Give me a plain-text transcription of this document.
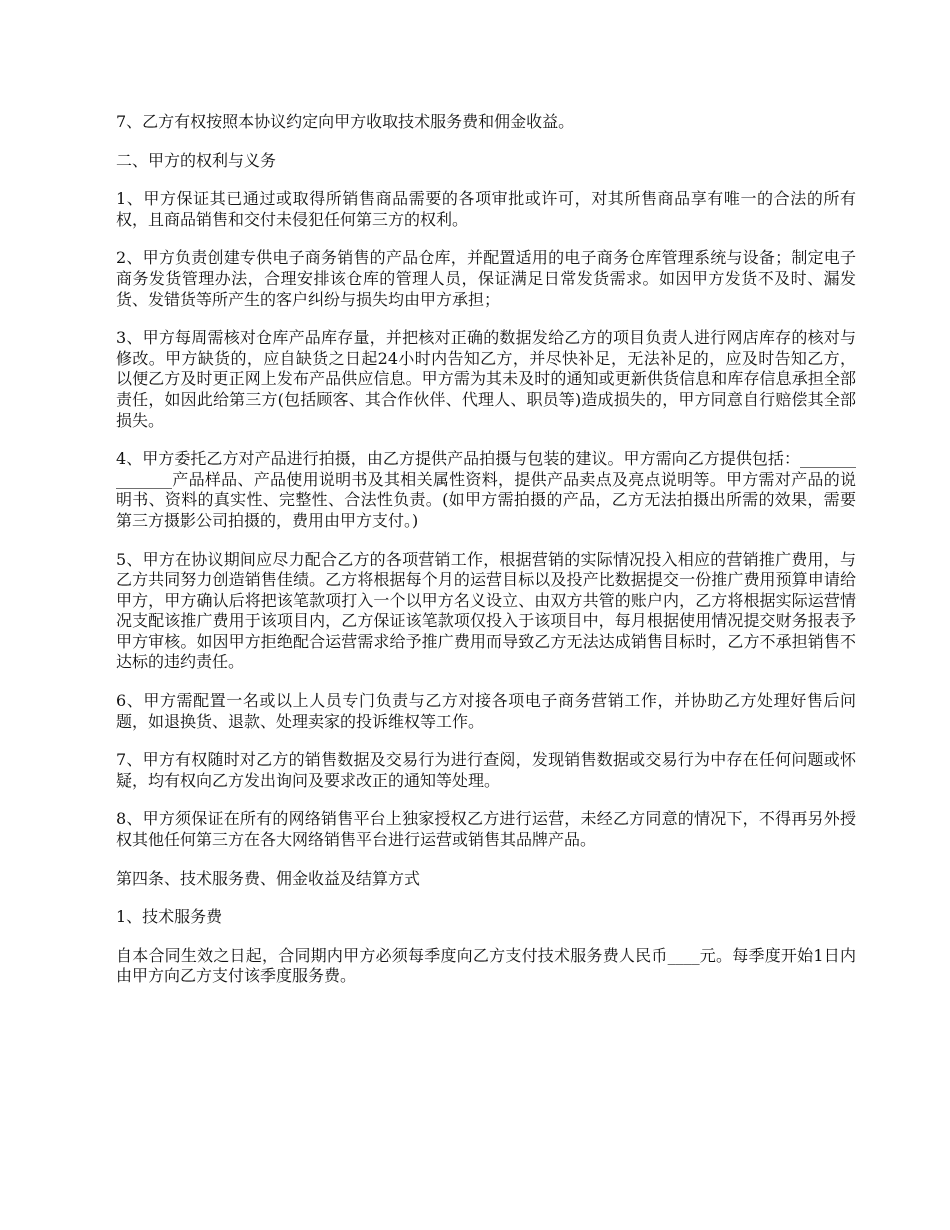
7、乙方有权按照本协议约定向甲方收取技术服务费和佣金收益。

二、甲方的权利与义务

1、甲方保证其已通过或取得所销售商品需要的各项审批或许可，对其所售商品享有唯一的合法的所有权，且商品销售和交付未侵犯任何第三方的权利。

2、甲方负责创建专供电子商务销售的产品仓库，并配置适用的电子商务仓库管理系统与设备；制定电子商务发货管理办法，合理安排该仓库的管理人员，保证满足日常发货需求。如因甲方发货不及时、漏发货、发错货等所产生的客户纠纷与损失均由甲方承担；

3、甲方每周需核对仓库产品库存量，并把核对正确的数据发给乙方的项目负责人进行网店库存的核对与修改。甲方缺货的，应自缺货之日起24小时内告知乙方，并尽快补足，无法补足的，应及时告知乙方，以便乙方及时更正网上发布产品供应信息。甲方需为其未及时的通知或更新供货信息和库存信息承担全部责任，如因此给第三方(包括顾客、其合作伙伴、代理人、职员等)造成损失的，甲方同意自行赔偿其全部损失。

4、甲方委托乙方对产品进行拍摄，由乙方提供产品拍摄与包装的建议。甲方需向乙方提供包括：______________产品样品、产品使用说明书及其相关属性资料，提供产品卖点及亮点说明等。甲方需对产品的说明书、资料的真实性、完整性、合法性负责。(如甲方需拍摄的产品，乙方无法拍摄出所需的效果，需要第三方摄影公司拍摄的，费用由甲方支付。)

5、甲方在协议期间应尽力配合乙方的各项营销工作，根据营销的实际情况投入相应的营销推广费用，与乙方共同努力创造销售佳绩。乙方将根据每个月的运营目标以及投产比数据提交一份推广费用预算申请给甲方，甲方确认后将把该笔款项打入一个以甲方名义设立、由双方共管的账户内，乙方将根据实际运营情况支配该推广费用于该项目内，乙方保证该笔款项仅投入于该项目中，每月根据使用情况提交财务报表予甲方审核。如因甲方拒绝配合运营需求给予推广费用而导致乙方无法达成销售目标时，乙方不承担销售不达标的违约责任。

6、甲方需配置一名或以上人员专门负责与乙方对接各项电子商务营销工作，并协助乙方处理好售后问题，如退换货、退款、处理卖家的投诉维权等工作。

7、甲方有权随时对乙方的销售数据及交易行为进行查阅，发现销售数据或交易行为中存在任何问题或怀疑，均有权向乙方发出询问及要求改正的通知等处理。

8、甲方须保证在所有的网络销售平台上独家授权乙方进行运营，未经乙方同意的情况下，不得再另外授权其他任何第三方在各大网络销售平台进行运营或销售其品牌产品。

第四条、技术服务费、佣金收益及结算方式

1、技术服务费

自本合同生效之日起，合同期内甲方必须每季度向乙方支付技术服务费人民币____元。每季度开始1日内由甲方向乙方支付该季度服务费。
